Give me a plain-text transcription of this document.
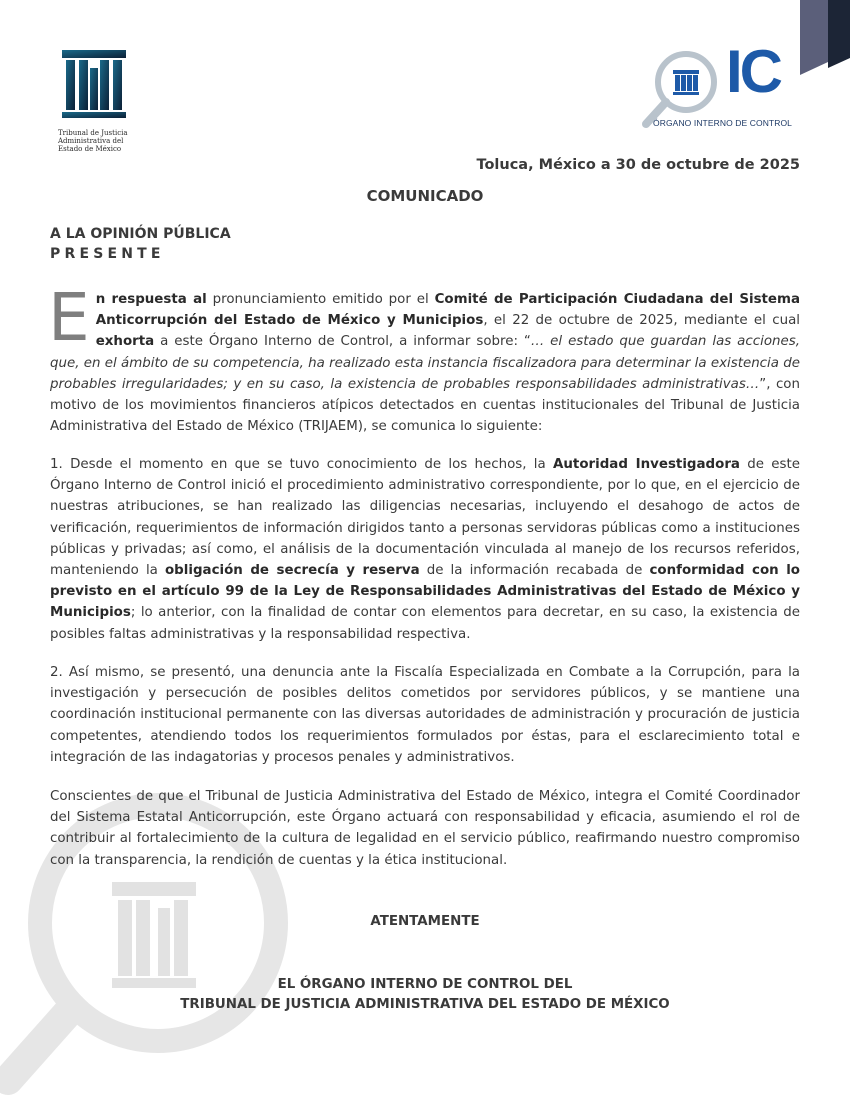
Tribunal de Justicia
Administrativa del
Estado de México
IC
ÓRGANO INTERNO DE CONTROL
Toluca, México a 30 de octubre de 2025
COMUNICADO
A LA OPINIÓN PÚBLICA
PRESENTE
En respuesta al pronunciamiento emitido por el Comité de Participación Ciudadana del Sistema Anticorrupción del Estado de México y Municipios, el 22 de octubre de 2025, mediante el cual exhorta a este Órgano Interno de Control, a informar sobre: “… el estado que guardan las acciones, que, en el ámbito de su competencia, ha realizado esta instancia fiscalizadora para determinar la existencia de probables irregularidades; y en su caso, la existencia de probables responsabilidades administrativas…”, con motivo de los movimientos financieros atípicos detectados en cuentas institucionales del Tribunal de Justicia Administrativa del Estado de México (TRIJAEM), se comunica lo siguiente:
1. Desde el momento en que se tuvo conocimiento de los hechos, la Autoridad Investigadora de este Órgano Interno de Control inició el procedimiento administrativo correspondiente, por lo que, en el ejercicio de nuestras atribuciones, se han realizado las diligencias necesarias, incluyendo el desahogo de actos de verificación, requerimientos de información dirigidos tanto a personas servidoras públicas como a instituciones públicas y privadas; así como, el análisis de la documentación vinculada al manejo de los recursos referidos, manteniendo la obligación de secrecía y reserva de la información recabada de conformidad con lo previsto en el artículo 99 de la Ley de Responsabilidades Administrativas del Estado de México y Municipios; lo anterior, con la finalidad de contar con elementos para decretar, en su caso, la existencia de posibles faltas administrativas y la responsabilidad respectiva.
2. Así mismo, se presentó, una denuncia ante la Fiscalía Especializada en Combate a la Corrupción, para la investigación y persecución de posibles delitos cometidos por servidores públicos, y se mantiene una coordinación institucional permanente con las diversas autoridades de administración y procuración de justicia competentes, atendiendo todos los requerimientos formulados por éstas, para el esclarecimiento total e integración de las indagatorias y procesos penales y administrativos.
Conscientes de que el Tribunal de Justicia Administrativa del Estado de México, integra el Comité Coordinador del Sistema Estatal Anticorrupción, este Órgano actuará con responsabilidad y eficacia, asumiendo el rol de contribuir al fortalecimiento de la cultura de legalidad en el servicio público, reafirmando nuestro compromiso con la transparencia, la rendición de cuentas y la ética institucional.
ATENTAMENTE
EL ÓRGANO INTERNO DE CONTROL DEL
TRIBUNAL DE JUSTICIA ADMINISTRATIVA DEL ESTADO DE MÉXICO
